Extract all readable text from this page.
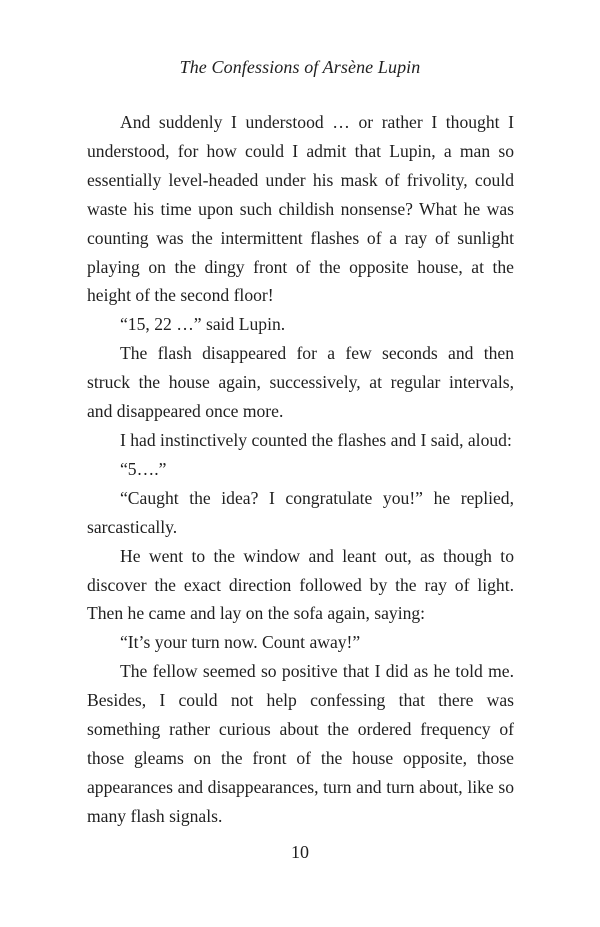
The Confessions of Arsène Lupin

And suddenly I understood … or rather I thought I understood, for how could I admit that Lupin, a man so essentially level-headed under his mask of frivolity, could waste his time upon such childish nonsense? What he was counting was the intermittent flashes of a ray of sunlight playing on the dingy front of the opposite house, at the height of the second floor!

“15, 22 …” said Lupin.

The flash disappeared for a few seconds and then struck the house again, successively, at regular intervals, and disappeared once more.

I had instinctively counted the flashes and I said, aloud:

“5….”

“Caught the idea? I congratulate you!” he replied, sarcastically.

He went to the window and leant out, as though to discover the exact direction followed by the ray of light. Then he came and lay on the sofa again, saying:

“It’s your turn now. Count away!”

The fellow seemed so positive that I did as he told me. Besides, I could not help confessing that there was something rather curious about the ordered frequency of those gleams on the front of the house opposite, those appearances and disappearances, turn and turn about, like so many flash signals.

10
